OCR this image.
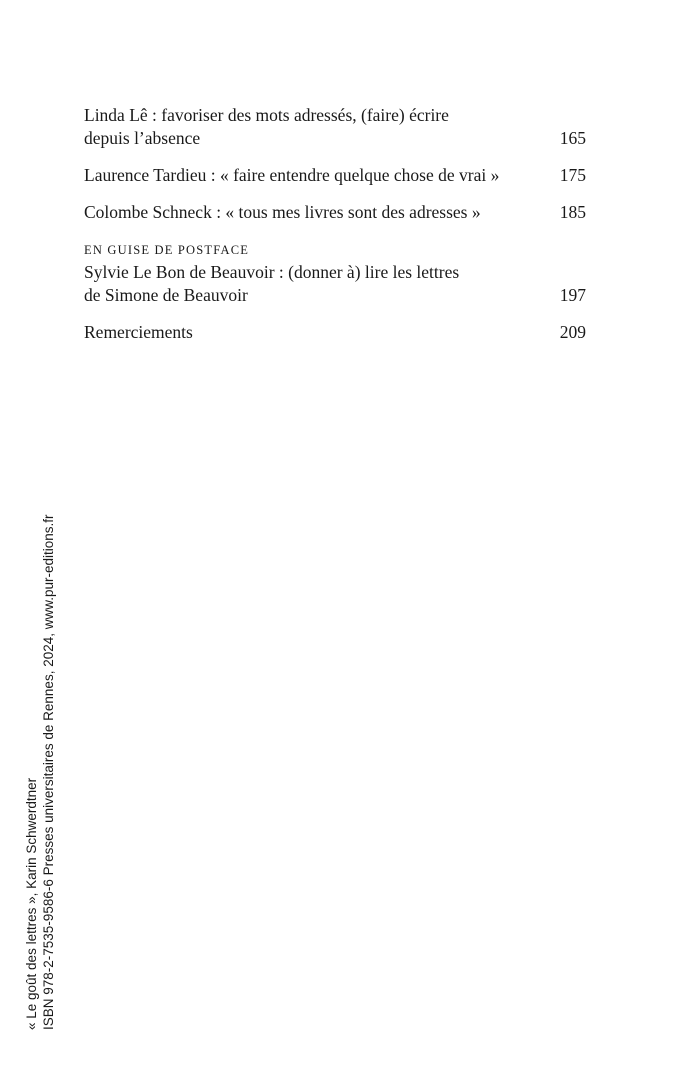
Linda Lê : favoriser des mots adressés, (faire) écrire
depuis l’absence	165
Laurence Tardieu : « faire entendre quelque chose de vrai »	175
Colombe Schneck : « tous mes livres sont des adresses »	185
EN GUISE DE POSTFACE
Sylvie Le Bon de Beauvoir : (donner à) lire les lettres
de Simone de Beauvoir	197
Remerciements	209
« Le goût des lettres », Karin Schwerdtner ISBN 978-2-7535-9586-6 Presses universitaires de Rennes, 2024, www.pur-editions.fr
